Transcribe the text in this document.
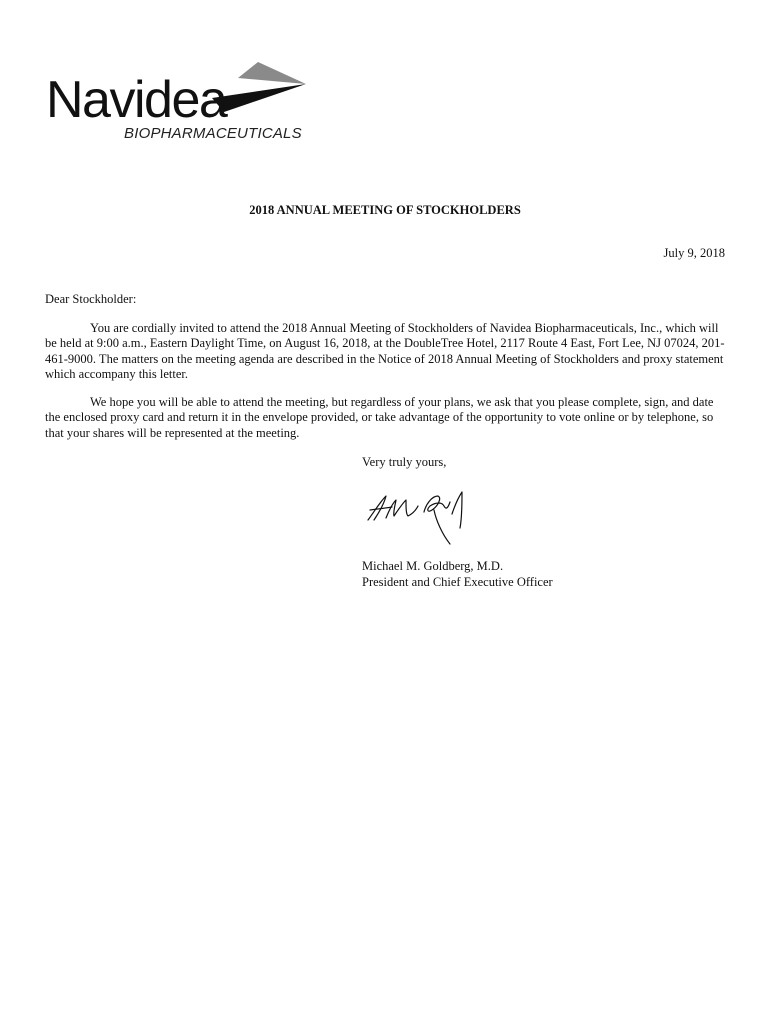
Navidea
BIOPHARMACEUTICALS
2018 ANNUAL MEETING OF STOCKHOLDERS
July 9, 2018
Dear Stockholder:

You are cordially invited to attend the 2018 Annual Meeting of Stockholders of Navidea Biopharmaceuticals, Inc., which will be held at 9:00 a.m., Eastern Daylight Time, on August 16, 2018, at the DoubleTree Hotel, 2117 Route 4 East, Fort Lee, NJ 07024, 201-461-9000. The matters on the meeting agenda are described in the Notice of 2018 Annual Meeting of Stockholders and proxy statement which accompany this letter.

We hope you will be able to attend the meeting, but regardless of your plans, we ask that you please complete, sign, and date the enclosed proxy card and return it in the envelope provided, or take advantage of the opportunity to vote online or by telephone, so that your shares will be represented at the meeting.

Very truly yours,
Michael M. Goldberg, M.D.
President and Chief Executive Officer
